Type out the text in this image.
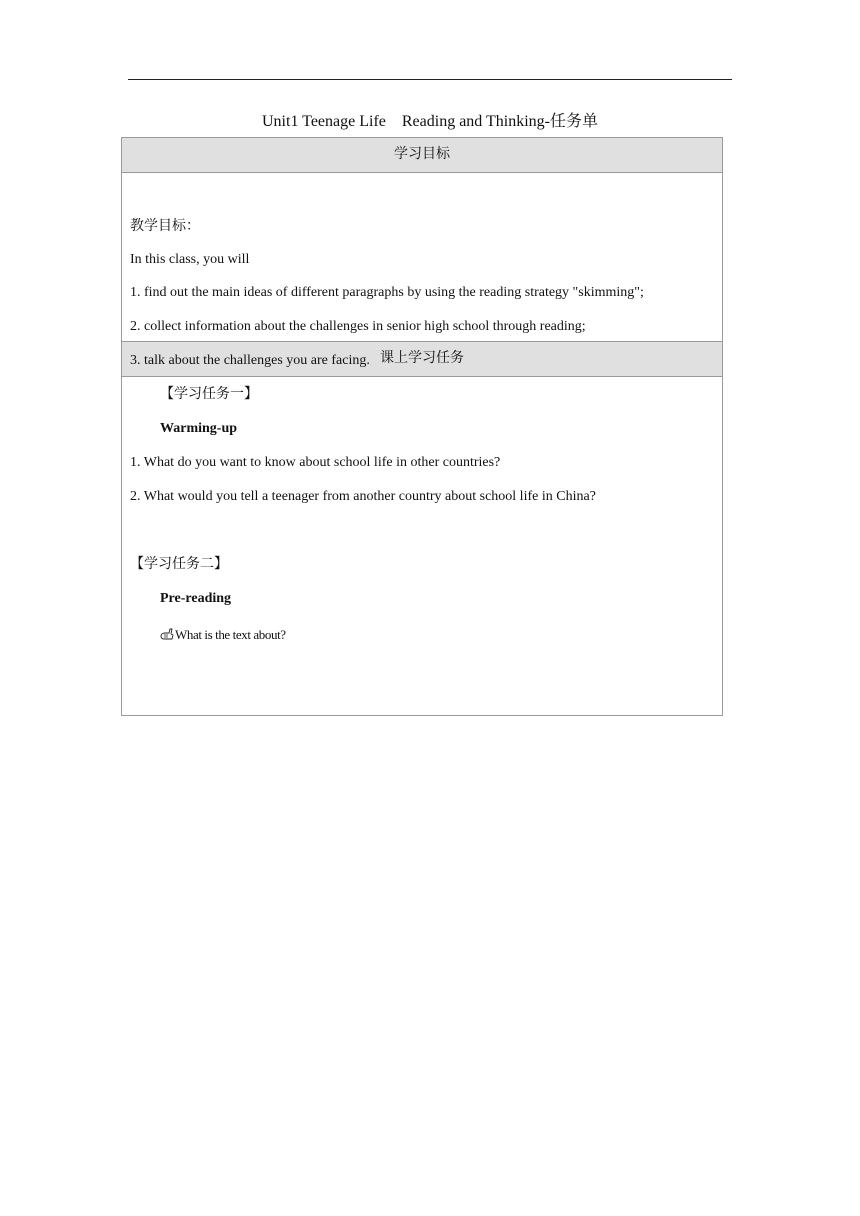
Unit1 Teenage Life    Reading and Thinking-任务单
学习目标
教学目标：
In this class, you will
1. find out the main ideas of different paragraphs by using the reading strategy "skimming";
2. collect information about the challenges in senior high school through reading;
3. talk about the challenges you are facing. 课上学习任务
【学习任务一】
Warming-up
1. What do you want to know about school life in other countries?
2. What would you tell a teenager from another country about school life in China?
【学习任务二】
Pre-reading
What is the text about?
